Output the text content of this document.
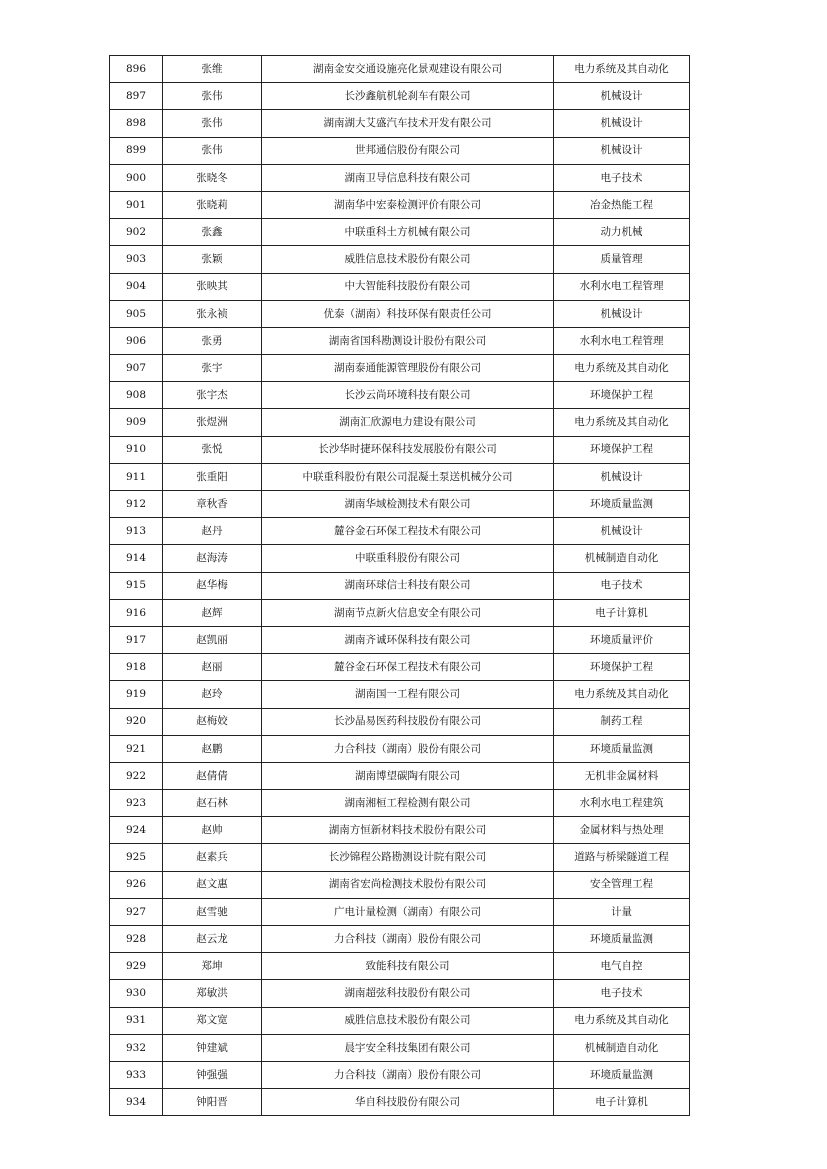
896	张维	湖南金安交通设施亮化景观建设有限公司	电力系统及其自动化
897	张伟	长沙鑫航机轮刹车有限公司	机械设计
898	张伟	湖南湖大艾盛汽车技术开发有限公司	机械设计
899	张伟	世邦通信股份有限公司	机械设计
900	张晓冬	湖南卫导信息科技有限公司	电子技术
901	张晓莉	湖南华中宏泰检测评价有限公司	冶金热能工程
902	张鑫	中联重科土方机械有限公司	动力机械
903	张颖	威胜信息技术股份有限公司	质量管理
904	张映其	中大智能科技股份有限公司	水利水电工程管理
905	张永祯	优泰（湖南）科技环保有限责任公司	机械设计
906	张勇	湖南省国科勘测设计股份有限公司	水利水电工程管理
907	张宇	湖南泰通能源管理股份有限公司	电力系统及其自动化
908	张宇杰	长沙云尚环境科技有限公司	环境保护工程
909	张煜洲	湖南汇欣源电力建设有限公司	电力系统及其自动化
910	张悦	长沙华时捷环保科技发展股份有限公司	环境保护工程
911	张重阳	中联重科股份有限公司混凝土泵送机械分公司	机械设计
912	章秋香	湖南华域检测技术有限公司	环境质量监测
913	赵丹	麓谷金石环保工程技术有限公司	机械设计
914	赵海涛	中联重科股份有限公司	机械制造自动化
915	赵华梅	湖南环球信士科技有限公司	电子技术
916	赵辉	湖南节点新火信息安全有限公司	电子计算机
917	赵凯丽	湖南齐诚环保科技有限公司	环境质量评价
918	赵丽	麓谷金石环保工程技术有限公司	环境保护工程
919	赵玲	湖南国一工程有限公司	电力系统及其自动化
920	赵梅姣	长沙晶易医药科技股份有限公司	制药工程
921	赵鹏	力合科技（湖南）股份有限公司	环境质量监测
922	赵倩倩	湖南博望碳陶有限公司	无机非金属材料
923	赵石林	湖南湘桓工程检测有限公司	水利水电工程建筑
924	赵帅	湖南方恒新材料技术股份有限公司	金属材料与热处理
925	赵素兵	长沙锦程公路勘测设计院有限公司	道路与桥梁隧道工程
926	赵文惠	湖南省宏尚检测技术股份有限公司	安全管理工程
927	赵雪驰	广电计量检测（湖南）有限公司	计量
928	赵云龙	力合科技（湖南）股份有限公司	环境质量监测
929	郑坤	致能科技有限公司	电气自控
930	郑敏洪	湖南超弦科技股份有限公司	电子技术
931	郑文宽	威胜信息技术股份有限公司	电力系统及其自动化
932	钟建斌	晨宇安全科技集团有限公司	机械制造自动化
933	钟强强	力合科技（湖南）股份有限公司	环境质量监测
934	钟阳晋	华自科技股份有限公司	电子计算机
